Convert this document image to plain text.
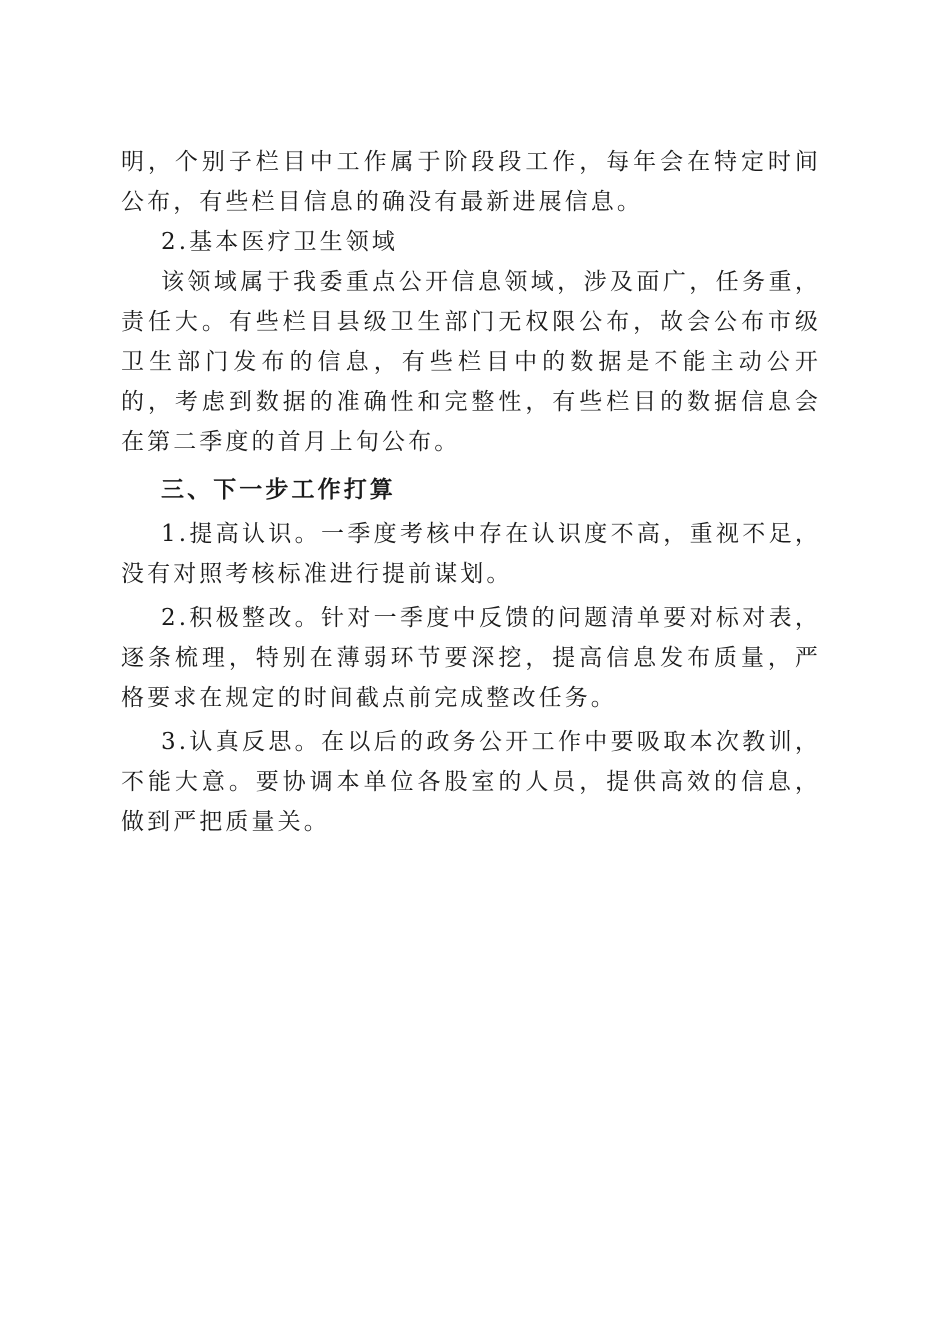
明，个别子栏目中工作属于阶段段工作，每年会在特定时间公布，有些栏目信息的确没有最新进展信息。

2.基本医疗卫生领域

该领域属于我委重点公开信息领域，涉及面广，任务重，责任大。有些栏目县级卫生部门无权限公布，故会公布市级卫生部门发布的信息，有些栏目中的数据是不能主动公开的，考虑到数据的准确性和完整性，有些栏目的数据信息会在第二季度的首月上旬公布。

三、下一步工作打算

1.提高认识。一季度考核中存在认识度不高，重视不足，没有对照考核标准进行提前谋划。

2.积极整改。针对一季度中反馈的问题清单要对标对表，逐条梳理，特别在薄弱环节要深挖，提高信息发布质量，严格要求在规定的时间截点前完成整改任务。

3.认真反思。在以后的政务公开工作中要吸取本次教训，不能大意。要协调本单位各股室的人员，提供高效的信息，做到严把质量关。
